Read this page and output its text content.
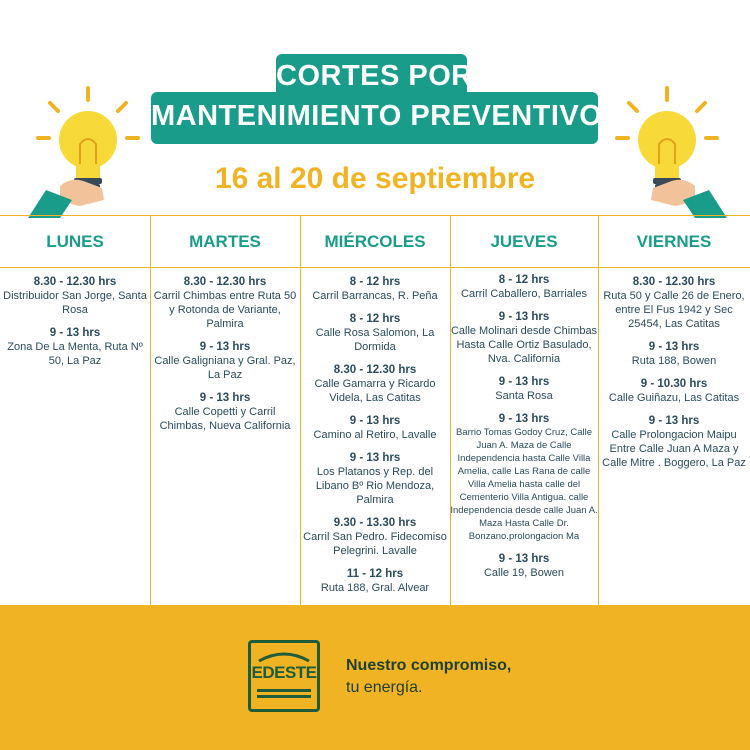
CORTES POR
MANTENIMIENTO PREVENTIVO
16 al 20 de septiembre
LUNES
8.30 - 12.30 hrs
Distribuidor San Jorge, Santa Rosa
9 - 13 hrs
Zona De La Menta, Ruta Nº 50, La Paz
MARTES
8.30 - 12.30 hrs
Carril Chimbas entre Ruta 50 y Rotonda de Variante, Palmira
9 - 13 hrs
Calle Galigniana y Gral. Paz, La Paz
9 - 13 hrs
Calle Copetti y Carril Chimbas, Nueva California
MIÉRCOLES
8 - 12 hrs
Carril Barrancas, R. Peña
8 - 12 hrs
Calle Rosa Salomon, La Dormida
8.30 - 12.30 hrs
Calle Gamarra y Ricardo Videla, Las Catitas
9 - 13 hrs
Camino al Retiro, Lavalle
9 - 13 hrs
Los Platanos y Rep. del Libano Bº Rio Mendoza, Palmira
9.30 - 13.30 hrs
Carril San Pedro. Fidecomiso Pelegrini. Lavalle
11 - 12 hrs
Ruta 188, Gral. Alvear
JUEVES
8 - 12 hrs
Carril Caballero, Barriales
9 - 13 hrs
Calle Molinari desde Chimbas Hasta Calle Ortiz Basulado, Nva. California
9 - 13 hrs
Santa Rosa
9 - 13 hrs
Barrio Tomas Godoy Cruz, Calle Juan A. Maza de Calle Independencia hasta Calle Villa Amelia, calle Las Rana de calle Villa Amelia hasta calle del Cementerio Villa Antigua. calle Independencia desde calle Juan A. Maza Hasta Calle Dr. Bonzano.prolongacion Ma
9 - 13 hrs
Calle 19, Bowen
VIERNES
8.30 - 12.30 hrs
Ruta 50 y Calle 26 de Enero, entre El Fus 1942 y Sec 25454, Las Catitas
9 - 13 hrs
Ruta 188, Bowen
9 - 10.30 hrs
Calle Guiñazu, Las Catitas
9 - 13 hrs
Calle Prolongacion Maipu Entre Calle Juan A Maza y Calle Mitre . Boggero, La Paz
EDESTE Nuestro compromiso,
tu energía.
